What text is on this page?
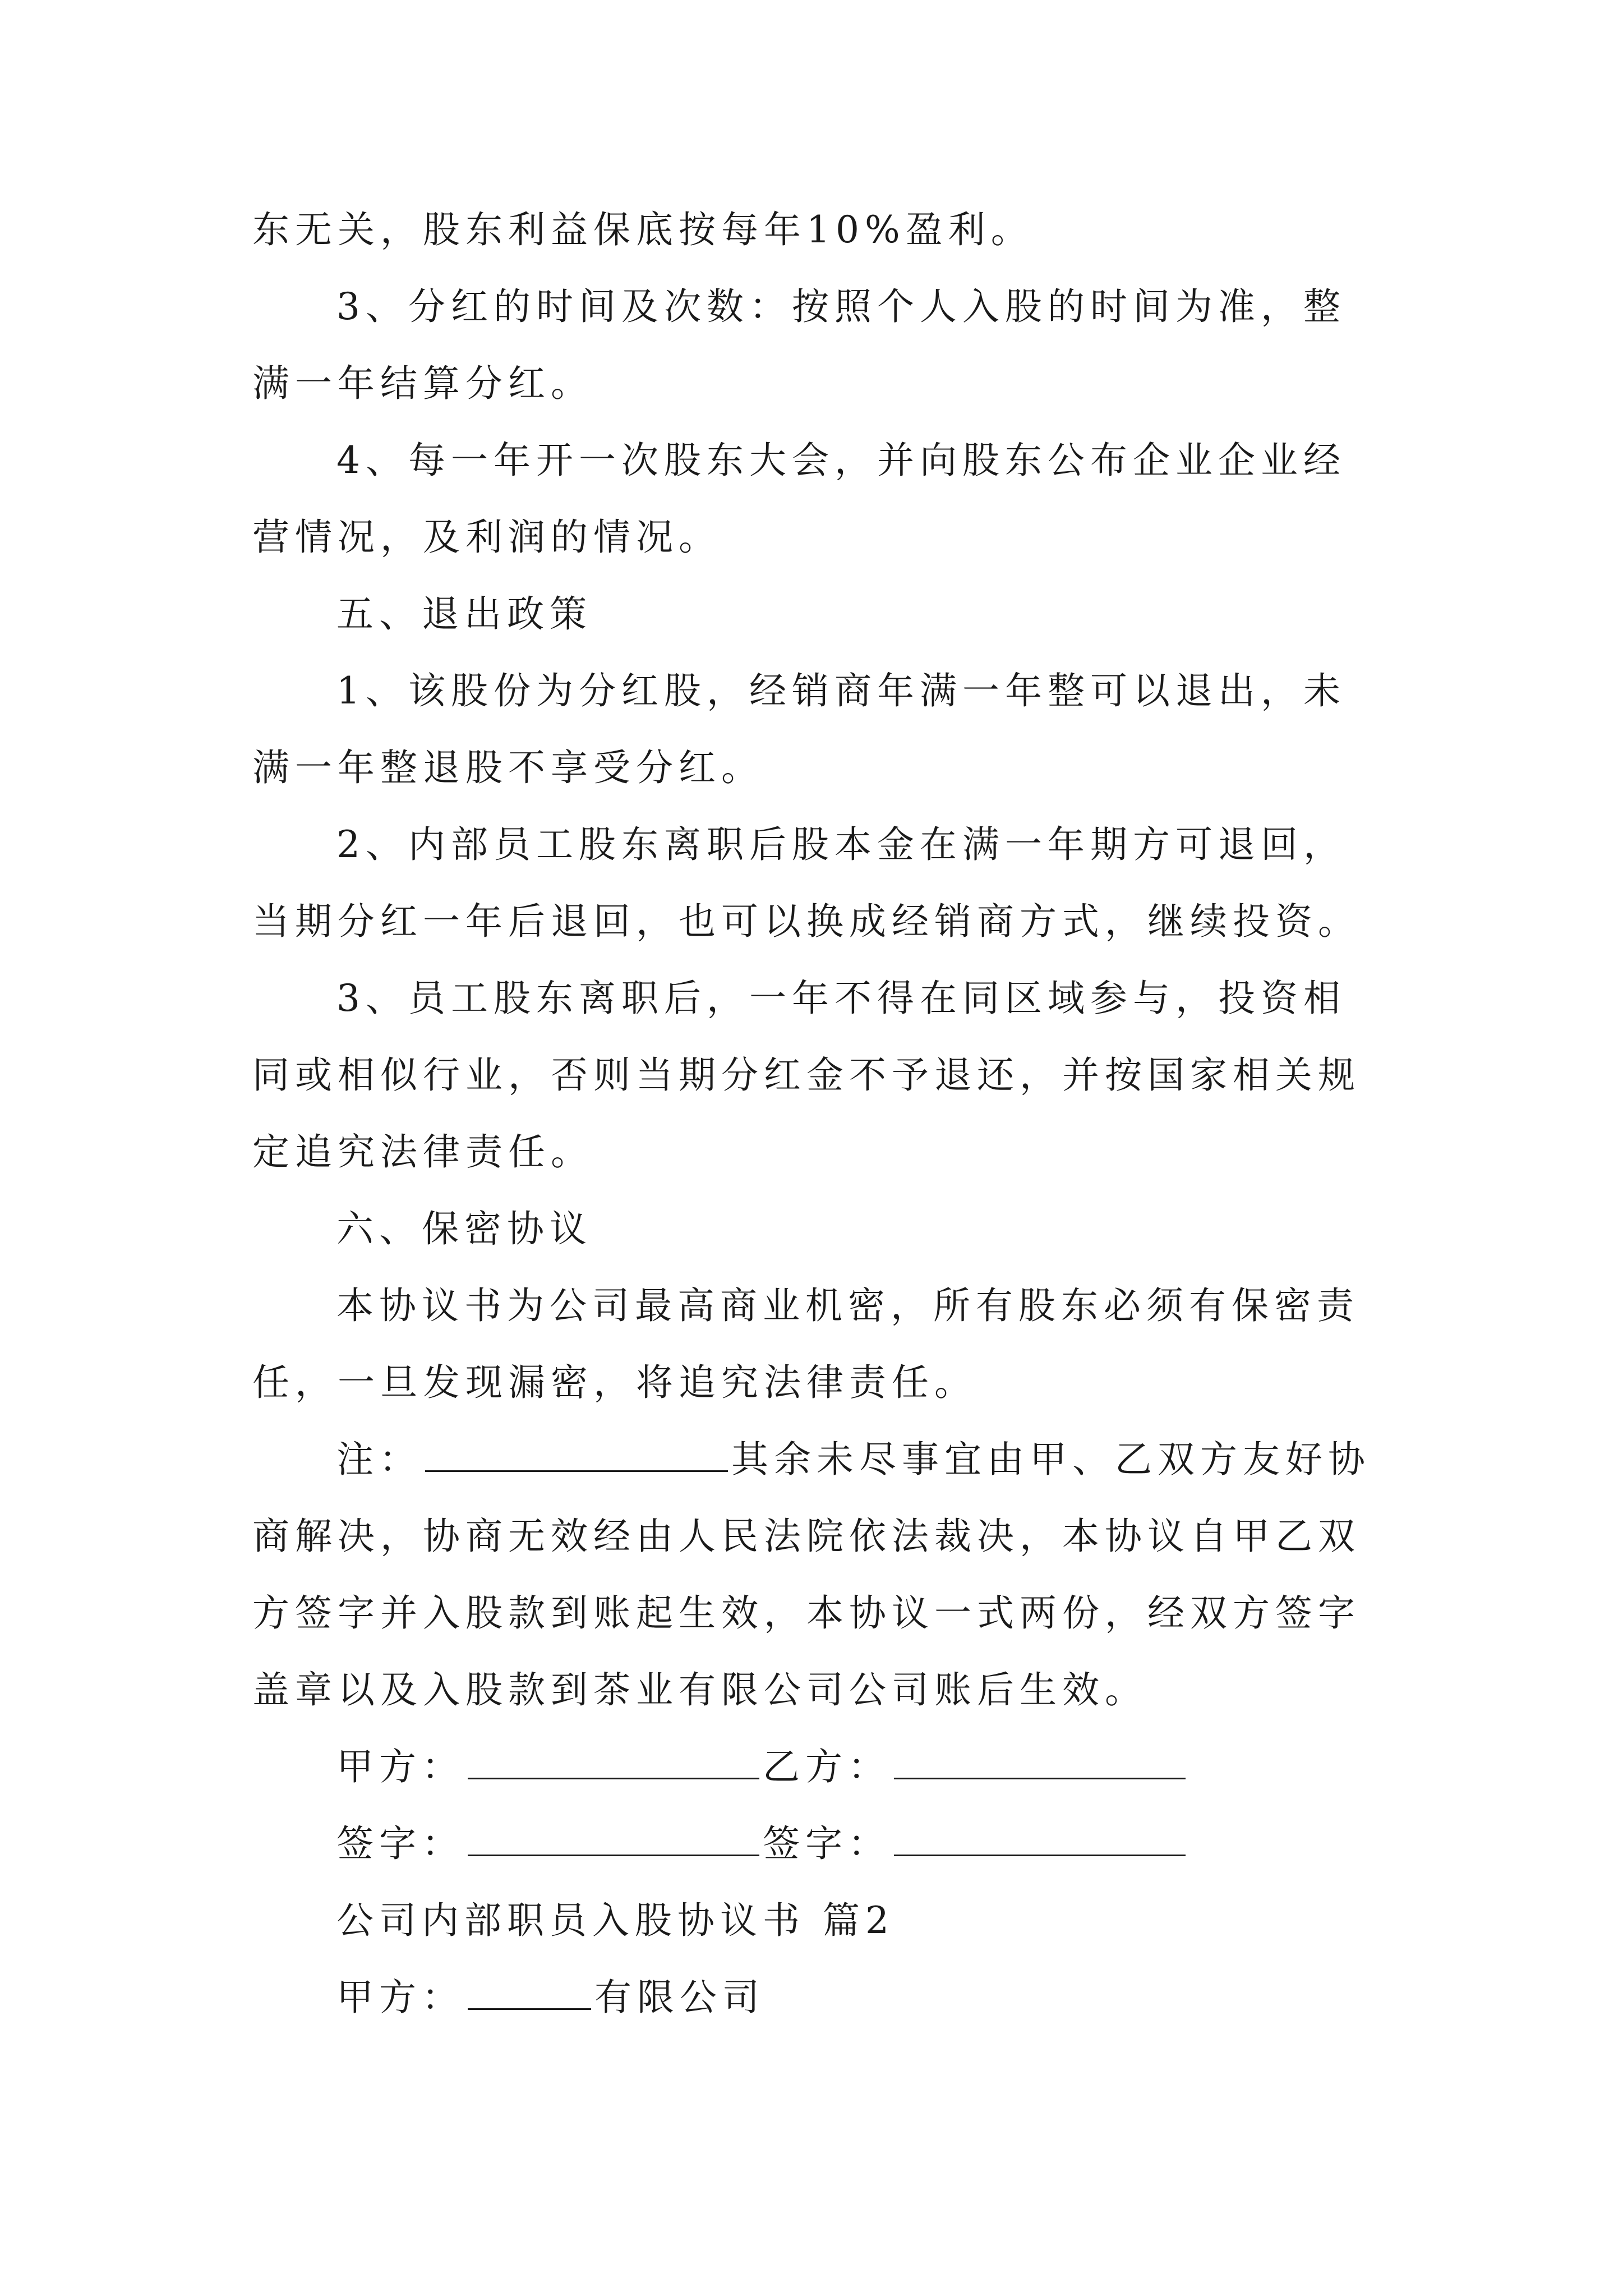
东无关，股东利益保底按每年10%盈利。
3、分红的时间及次数：按照个人入股的时间为准，整
满一年结算分红。
4、每一年开一次股东大会，并向股东公布企业企业经
营情况，及利润的情况。
五、退出政策
1、该股份为分红股，经销商年满一年整可以退出，未
满一年整退股不享受分红。
2、内部员工股东离职后股本金在满一年期方可退回，
当期分红一年后退回，也可以换成经销商方式，继续投资。
3、员工股东离职后，一年不得在同区域参与，投资相
同或相似行业，否则当期分红金不予退还，并按国家相关规
定追究法律责任。
六、保密协议
本协议书为公司最高商业机密，所有股东必须有保密责
任，一旦发现漏密，将追究法律责任。
注：	其余未尽事宜由甲、乙双方友好协
商解决，协商无效经由人民法院依法裁决，本协议自甲乙双
方签字并入股款到账起生效，本协议一式两份，经双方签字
盖章以及入股款到茶业有限公司公司账后生效。
甲方：	乙方：
签字：	签字：
公司内部职员入股协议书 篇2
甲方：	有限公司
